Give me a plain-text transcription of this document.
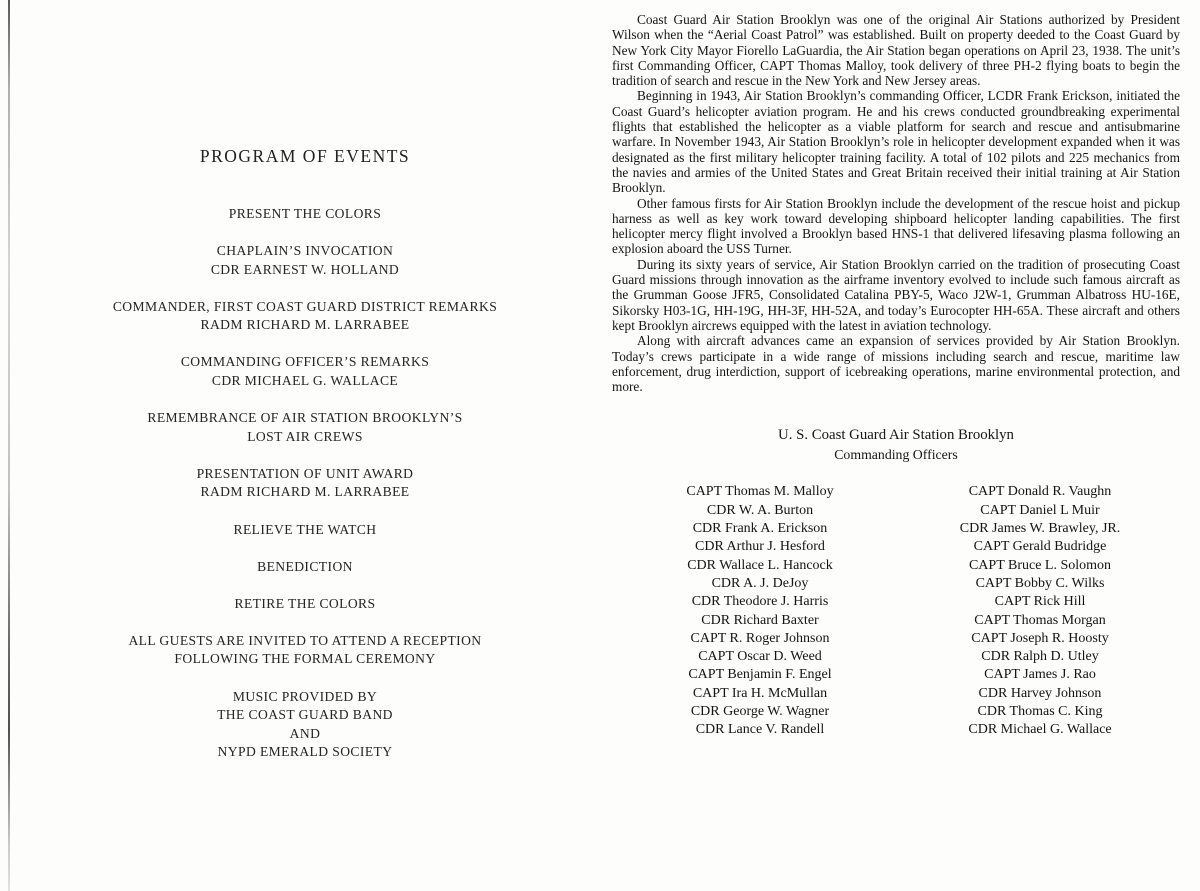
PROGRAM OF EVENTS
PRESENT THE COLORS
CHAPLAIN’S INVOCATION
CDR EARNEST W. HOLLAND
COMMANDER, FIRST COAST GUARD DISTRICT REMARKS
RADM RICHARD M. LARRABEE
COMMANDING OFFICER’S REMARKS
CDR MICHAEL G. WALLACE
REMEMBRANCE OF AIR STATION BROOKLYN’S
LOST AIR CREWS
PRESENTATION OF UNIT AWARD
RADM RICHARD M. LARRABEE
RELIEVE THE WATCH
BENEDICTION
RETIRE THE COLORS
ALL GUESTS ARE INVITED TO ATTEND A RECEPTION
FOLLOWING THE FORMAL CEREMONY
MUSIC PROVIDED BY
THE COAST GUARD BAND
AND
NYPD EMERALD SOCIETY

Coast Guard Air Station Brooklyn was one of the original Air Stations authorized by President Wilson when the “Aerial Coast Patrol” was established. Built on property deeded to the Coast Guard by New York City Mayor Fiorello LaGuardia, the Air Station began operations on April 23, 1938. The unit’s first Commanding Officer, CAPT Thomas Malloy, took delivery of three PH-2 flying boats to begin the tradition of search and rescue in the New York and New Jersey areas.

Beginning in 1943, Air Station Brooklyn’s commanding Officer, LCDR Frank Erickson, initiated the Coast Guard’s helicopter aviation program. He and his crews conducted groundbreaking experimental flights that established the helicopter as a viable platform for search and rescue and antisubmarine warfare. In November 1943, Air Station Brooklyn’s role in helicopter development expanded when it was designated as the first military helicopter training facility. A total of 102 pilots and 225 mechanics from the navies and armies of the United States and Great Britain received their initial training at Air Station Brooklyn.

Other famous firsts for Air Station Brooklyn include the development of the rescue hoist and pickup harness as well as key work toward developing shipboard helicopter landing capabilities. The first helicopter mercy flight involved a Brooklyn based HNS-1 that delivered lifesaving plasma following an explosion aboard the USS Turner.

During its sixty years of service, Air Station Brooklyn carried on the tradition of prosecuting Coast Guard missions through innovation as the airframe inventory evolved to include such famous aircraft as the Grumman Goose JFR5, Consolidated Catalina PBY-5, Waco J2W-1, Grumman Albatross HU-16E, Sikorsky H03-1G, HH-19G, HH-3F, HH-52A, and today’s Eurocopter HH-65A. These aircraft and others kept Brooklyn aircrews equipped with the latest in aviation technology.

Along with aircraft advances came an expansion of services provided by Air Station Brooklyn. Today’s crews participate in a wide range of missions including search and rescue, maritime law enforcement, drug interdiction, support of icebreaking operations, marine environmental protection, and more.

U. S. Coast Guard Air Station Brooklyn
Commanding Officers
CAPT Thomas M. Malloy
CDR W. A. Burton
CDR Frank A. Erickson
CDR Arthur J. Hesford
CDR Wallace L. Hancock
CDR A. J. DeJoy
CDR Theodore J. Harris
CDR Richard Baxter
CAPT R. Roger Johnson
CAPT Oscar D. Weed
CAPT Benjamin F. Engel
CAPT Ira H. McMullan
CDR George W. Wagner
CDR Lance V. Randell
CAPT Donald R. Vaughn
CAPT Daniel L Muir
CDR James W. Brawley, JR.
CAPT Gerald Budridge
CAPT Bruce L. Solomon
CAPT Bobby C. Wilks
CAPT Rick Hill
CAPT Thomas Morgan
CAPT Joseph R. Hoosty
CDR Ralph D. Utley
CAPT James J. Rao
CDR Harvey Johnson
CDR Thomas C. King
CDR Michael G. Wallace
